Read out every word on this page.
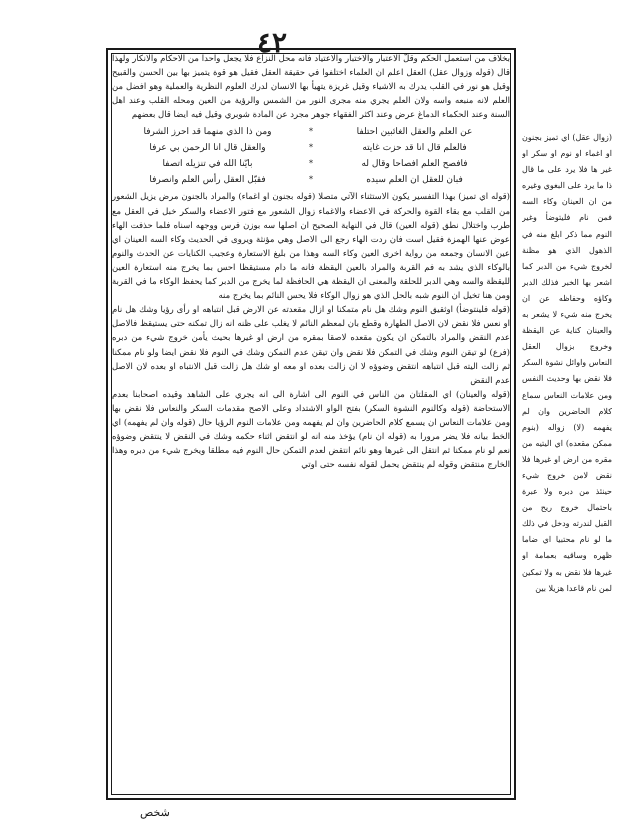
٤٢

بخلاف من استعمل الحكم وقلّ الاعتبار والاختبار والاعتياد فانه محل النزاع فلا يجعل واحدا من الاحكام والانكار ولهذا قال (قوله وزوال عقل) العقل اعلم ان العلماء اختلفوا في حقيقة العقل فقيل هو قوة يتميز بها بين الحسن والقبيح وقيل هو نور في القلب يدرك به الاشياء وقيل غريزة يتهيأ بها الانسان لدرك العلوم النظرية والعملية وهو افضل من العلم لانه منبعه واسه ولان العلم يجري منه مجرى النور من الشمس والرؤية من العين ومحله القلب وعند اهل السنة وعند الحكماء الدماغ عرض وعند اكثر الفقهاء جوهر مجرد عن المادة شوبري وقيل فيه ايضا قال بعضهم

عن العلم والعقل الغائبين احتلفا
*
ومن ذا الذي منهما قد احرز الشرفا
فالعلم قال انا قد حزت غايته
*
والعقل قال انا الرحمن بي عرفا
فافصح العلم افصاحا وقال له
*
بايّنا الله في تنزيله اتصفا
فبان للعقل ان العلم سيده
*
فقبّل العقل رأس العلم وانصرفا

(قوله اي تميز) بهذا التفسير يكون الاستثناء الآتي متصلا (قوله بجنون او اغماء) والمراد بالجنون مرض يزيل الشعور من القلب مع بقاء القوة والحركة في الاعضاء والاغماء زوال الشعور مع فتور الاعضاء والسكر خبل في العقل مع طرب واختلال نطق (قوله العين) قال في النهاية الصحيح ان اصلها سه بوزن فرس ووجهه اسناه فلما حذفت الهاء عوض عنها الهمزة فقيل است فان ردت الهاء رجع الى الاصل وهي مؤنثة ويروى في الحديث وكاء السه العينان اي عين الانسان وجمعه من رواية اخرى العين وكاء السه وهذا من بليغ الاستعارة وعجيب الكنايات عن الحدث والنوم بالوكاء الذي يشد به فم القربة والمراد بالعين اليقظة فانه ما دام مستيقظا احس بما يخرج منه استعارة العين لليقظة والسه وهي الدبر للحلقة والمعنى ان اليقظة هي الحافظة لما يخرج من الدبر كما يحفظ الوكاء ما في القربة ومن هنا تخيل ان النوم شبه بالحل الذي هو زوال الوكاء فلا يحس النائم بما يخرج منه

(قوله فلينتوضأ) اوثقيق النوم وشك هل نام متمكنا او ازال مقعدته عن الارض قبل انتباهه او رأى رؤيا وشك هل نام او نعس فلا نقض لان الاصل الطهارة وقطع بان لمعظم النائم لا يغلب على ظنه انه زال تمكنه حتى يستيقظ فالاصل عدم النقض والمراد بالتمكن ان يكون مقعده لاصقا بمقره من ارض او غيرها بحيث يأمن خروج شيء من دبره (فرع) لو تيقن النوم وشك في التمكن فلا نقض وان تيقن عدم التمكن وشك في النوم فلا نقض ايضا ولو نام ممكنا ثم زالت اليته قبل انتباهه انتقض وضوؤه لا ان زالت بعده او معه او شك هل زالت قبل الانتباه او بعده لان الاصل عدم النقض

(قوله والعينان) اي المقلتان من الناس في النوم الى اشارة الى انه يجري على الشاهد وقيده اصحابنا بعدم الاستحاضة (قوله وكالنوم النشوة السكر) بفتح الواو الاشتداد وعلى الاصح مقدمات السكر والنعاس فلا نقض بها ومن علامات النعاس ان يسمع كلام الحاضرين وان لم يفهمه ومن علامات النوم الرؤيا حال (قوله وان لم يفهمه) اي الخط بيانه فلا يضر مرورا به (قوله ان نام) يؤخذ منه انه لو انتقض اثناء حكمه وشك في النقض لا ينتقض وضوؤه نعم لو نام ممكنا ثم انتقل الى غيرها وهو نائم انتقض لعدم التمكن حال النوم فيه مطلقا ويخرج شيء من دبره وهذا الخارج منتقض وقوله لم ينتقض يحمل لقوله نفسه حتى اوتي

(زوال عقل) اي تميز بجنون او اغماء او نوم او سكر او غير ها فلا يرد على ما قال ذا ما يرد على البغوي وغيره من ان العينان وكاء السه فمن نام فليتوضأ وغير النوم مما ذكر ابلغ منه في الذهول الذي هو مظنة لخروج شيء من الدبر كما اشعر بها الخبر فذلك الدبر وكاؤه وحفاظه عن ان يخرج منه شيء لا يشعر به والعينان كناية عن اليقظة وخروج بزوال العقل النعاس واوائل نشوة السكر فلا نقض بها وحديث النفس ومن علامات النعاس سماع كلام الحاضرين وان لم يفهمه (لا) زواله (بنوم ممكن مقعده) اي اليتيه من مقره من ارض او غيرها فلا نقض لامن خروج شيء حينئذ من دبره ولا عبرة باحتمال خروج ريح من القبل لندرته ودخل في ذلك ما لو نام محتبيا اي ضاما ظهره وساقيه بعمامة او غيرها فلا نقض به ولا تمكين لمن نام قاعدا هزيلا بين
شخص
